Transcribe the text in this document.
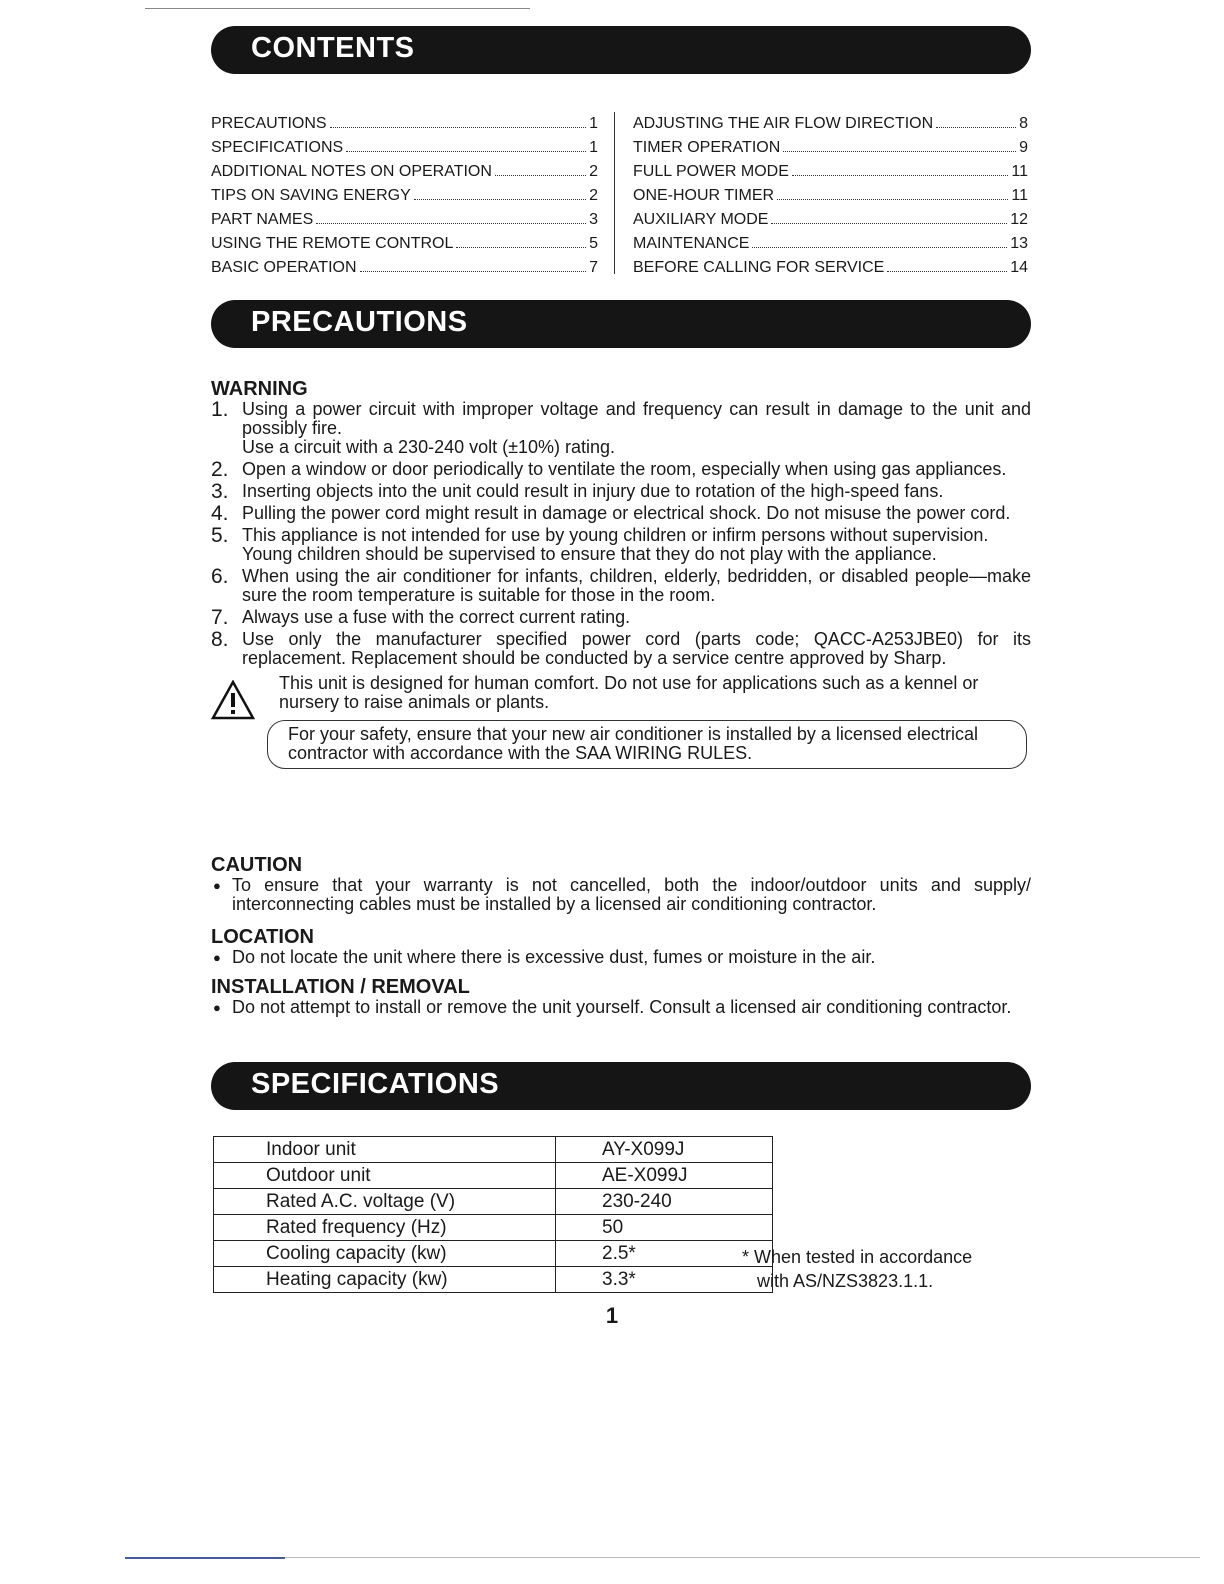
CONTENTS
PRECAUTIONS	1
SPECIFICATIONS	1
ADDITIONAL NOTES ON OPERATION	2
TIPS ON SAVING ENERGY	2
PART NAMES	3
USING THE REMOTE CONTROL	5
BASIC OPERATION	7
ADJUSTING THE AIR FLOW DIRECTION	8
TIMER OPERATION	9
FULL POWER MODE	11
ONE-HOUR TIMER	11
AUXILIARY MODE	12
MAINTENANCE	13
BEFORE CALLING FOR SERVICE	14
PRECAUTIONS
WARNING
1. Using a power circuit with improper voltage and frequency can result in damage to the unit and possibly fire.
Use a circuit with a 230-240 volt (±10%) rating.
2. Open a window or door periodically to ventilate the room, especially when using gas appliances.
3. Inserting objects into the unit could result in injury due to rotation of the high-speed fans.
4. Pulling the power cord might result in damage or electrical shock. Do not misuse the power cord.
5. This appliance is not intended for use by young children or infirm persons without supervision.
Young children should be supervised to ensure that they do not play with the appliance.
6. When using the air conditioner for infants, children, elderly, bedridden, or disabled people—make sure the room temperature is suitable for those in the room.
7. Always use a fuse with the correct current rating.
8. Use only the manufacturer specified power cord (parts code; QACC-A253JBE0) for its replacement. Replacement should be conducted by a service centre approved by Sharp.
This unit is designed for human comfort. Do not use for applications such as a kennel or nursery to raise animals or plants.
For your safety, ensure that your new air conditioner is installed by a licensed electrical contractor with accordance with the SAA WIRING RULES.
CAUTION
● To ensure that your warranty is not cancelled, both the indoor/outdoor units and supply/ interconnecting cables must be installed by a licensed air conditioning contractor.
LOCATION
● Do not locate the unit where there is excessive dust, fumes or moisture in the air.
INSTALLATION / REMOVAL
● Do not attempt to install or remove the unit yourself. Consult a licensed air conditioning contractor.
SPECIFICATIONS
Indoor unit	AY-X099J
Outdoor unit	AE-X099J
Rated A.C. voltage (V)	230-240
Rated frequency (Hz)	50
Cooling capacity (kw)	2.5*
Heating capacity (kw)	3.3*
* When tested in accordance
with AS/NZS3823.1.1.
1
